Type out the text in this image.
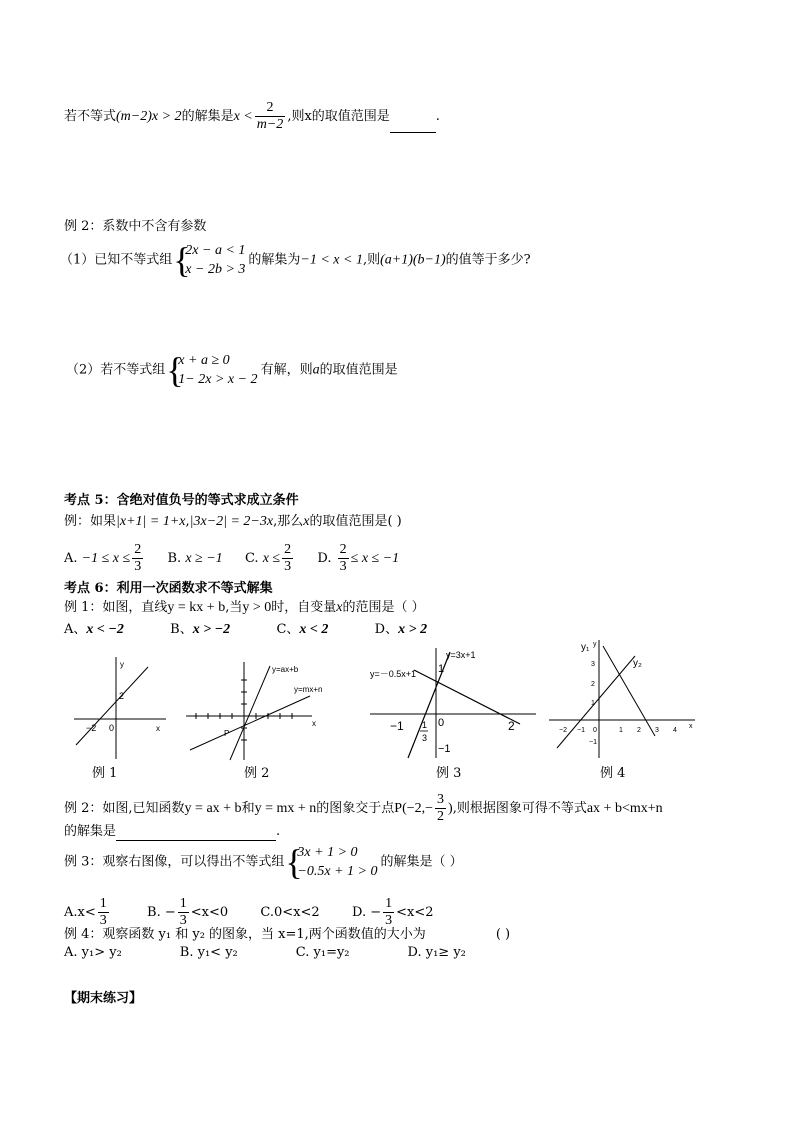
若不等式(m−2)x > 2的解集是$x < \frac{2}{m-2}$ ,则x的取值范围是	.
例 2：系数中不含有参数
（1）已知不等式组 {
2x − a < 1
x − 2b > 3
的解集为−1 < x < 1,则(a+1)(b−1)的值等于多少?
（2）若不等式组 {
x + a ≥ 0
1− 2x > x − 2
有解，则a的取值范围是
考点 5：含绝对值负号的等式求成立条件
例：如果|x+1| = 1+x,|3x−2| = 2−3x,那么x的取值范围是( )
A. $-1 \le x \le \frac{2}{3} B$. x ≥ −1 C. $x \le \frac{2}{3} D$. $\frac{2}{3} \le x \le -1$
考点 6：利用一次函数求不等式解集
例 1：如图，直线y = kx + b,当y > 0时，自变量x的范围是（ ）
A、x < −2	B、x > −2	C、x < 2	D、x > 2
y
x
−2 0
2
例 1
y=ax+b
y=mx+n
P
x
例 2
y=3x+1
y=－0.5x+1
−1 1
3
0	2
1
−1
例 3
y₁
y₂
y
x
−2 −1 0	1 2 3 4
3
2
1
−1
例 4
例 2：如图,已知函数y = ax + b和y = mx + n的图象交于点$P(-2,- \frac{3}{2}$ ),则根据图象可得不等式ax + b<mx+n
的解集是	.
例 3：观察右图像，可以得出不等式组 {
3x + 1 > 0
−0.5x + 1 > 0
的解集是（ ）
$A.x< \frac{1}{3}$	B. − $\frac{1}{3} <x<0$ C.0<x<2 D. − $\frac{1}{3} <x<2$
例 4：观察函数 y₁ 和 y₂ 的图象，当 x=1,两个函数值的大小为	( )
A. y₁> y₂	B. y₁< y₂	C. y₁=y₂	D. y₁≥ y₂
【期末练习】
